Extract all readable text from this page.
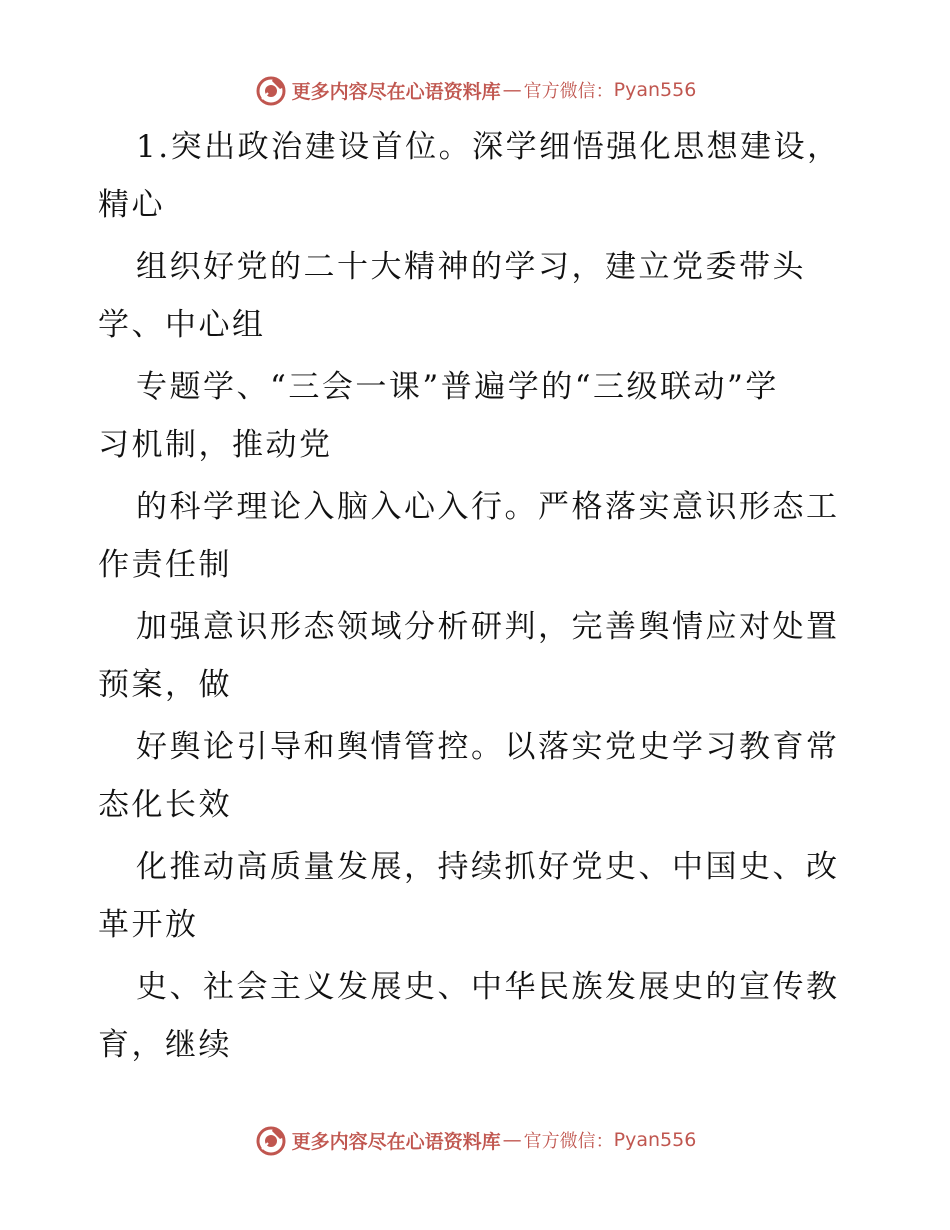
更多内容尽在心语资料库 — 官方微信： Pyan556
1.突出政治建设首位。深学细悟强化思想建设，
精心
组织好党的二十大精神的学习，建立党委带头
学、中心组
专题学、“三会一课”普遍学的“三级联动”学
习机制，推动党
的科学理论入脑入心入行。严格落实意识形态工
作责任制
加强意识形态领域分析研判，完善舆情应对处置
预案，做
好舆论引导和舆情管控。以落实党史学习教育常
态化长效
化推动高质量发展，持续抓好党史、中国史、改
革开放
史、社会主义发展史、中华民族发展史的宣传教
育，继续
更多内容尽在心语资料库 — 官方微信： Pyan556
